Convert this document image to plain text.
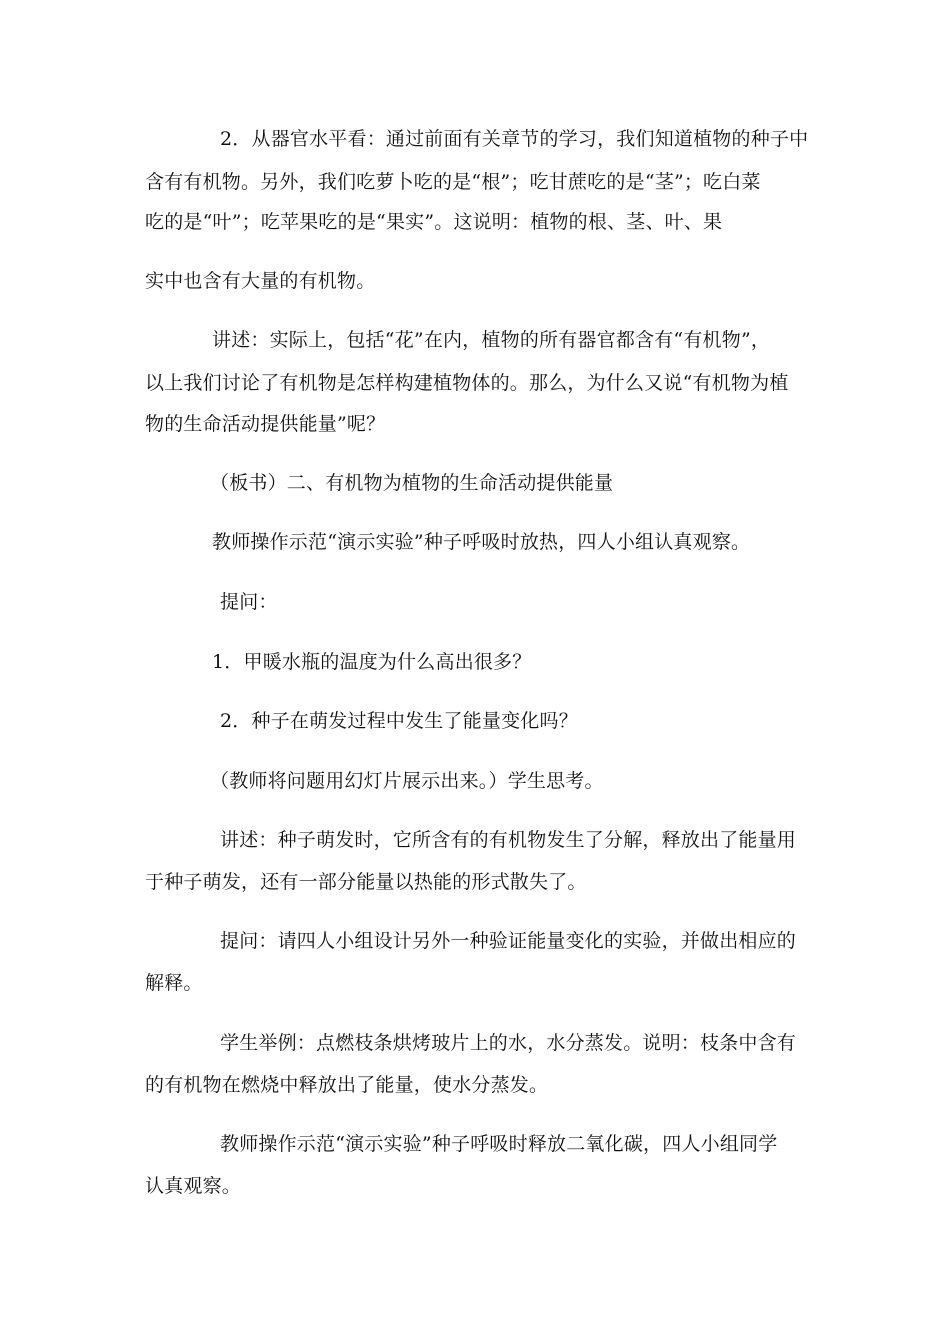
2．从器官水平看：通过前面有关章节的学习，我们知道植物的种子中
含有有机物。另外，我们吃萝卜吃的是“根”；吃甘蔗吃的是“茎”；吃白菜
吃的是“叶”；吃苹果吃的是“果实”。这说明：植物的根、茎、叶、果
实中也含有大量的有机物。
讲述：实际上，包括“花”在内，植物的所有器官都含有“有机物”，
以上我们讨论了有机物是怎样构建植物体的。那么，为什么又说“有机物为植
物的生命活动提供能量”呢？
（板书）二、有机物为植物的生命活动提供能量
教师操作示范“演示实验”种子呼吸时放热，四人小组认真观察。
提问：
1．甲暖水瓶的温度为什么高出很多？
2．种子在萌发过程中发生了能量变化吗？
（教师将问题用幻灯片展示出来。）学生思考。
讲述：种子萌发时，它所含有的有机物发生了分解，释放出了能量用
于种子萌发，还有一部分能量以热能的形式散失了。
提问：请四人小组设计另外一种验证能量变化的实验，并做出相应的
解释。
学生举例：点燃枝条烘烤玻片上的水，水分蒸发。说明：枝条中含有
的有机物在燃烧中释放出了能量，使水分蒸发。
教师操作示范“演示实验”种子呼吸时释放二氧化碳，四人小组同学
认真观察。
